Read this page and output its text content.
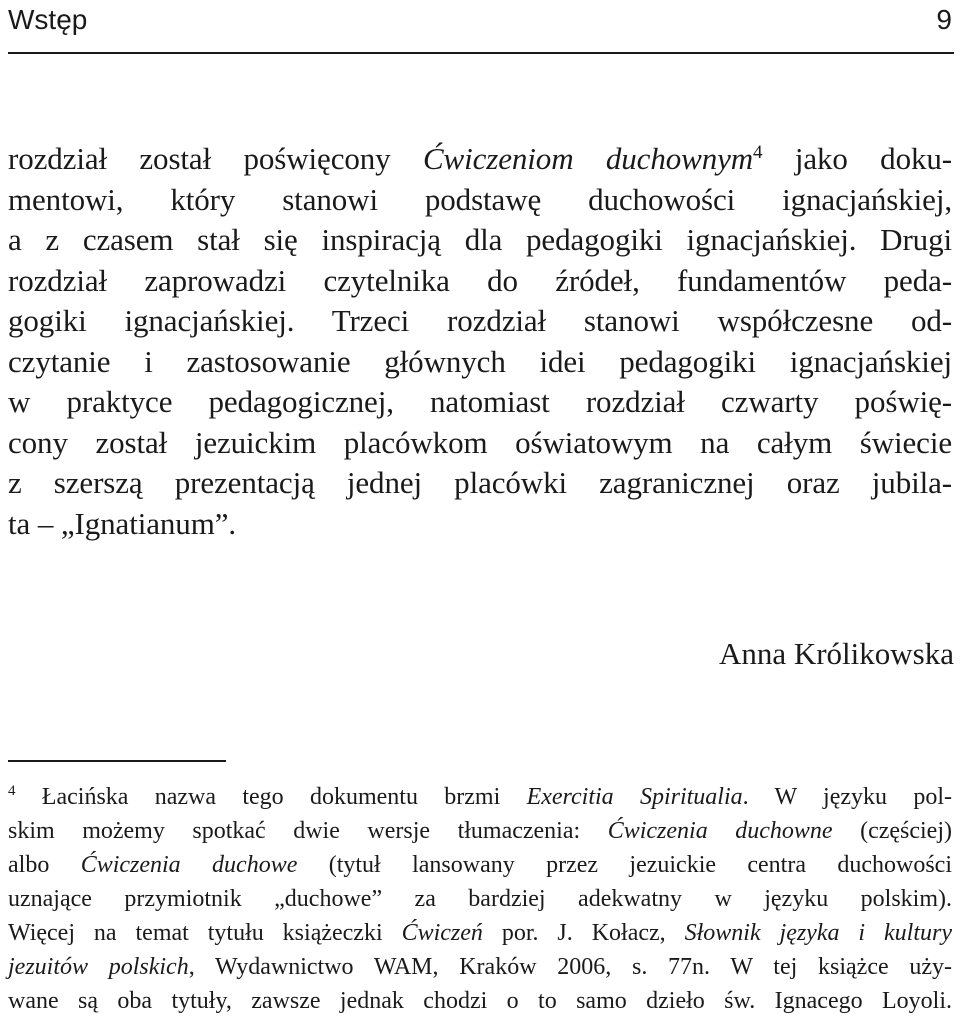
Wstęp	9
rozdział został poświęcony Ćwiczeniom duchownym$^4$ jako doku-
mentowi, który stanowi podstawę duchowości ignacjańskiej,
a z czasem stał się inspiracją dla pedagogiki ignacjańskiej. Drugi
rozdział zaprowadzi czytelnika do źródeł, fundamentów peda-
gogiki ignacjańskiej. Trzeci rozdział stanowi współczesne od-
czytanie i zastosowanie głównych idei pedagogiki ignacjańskiej
w praktyce pedagogicznej, natomiast rozdział czwarty poświę-
cony został jezuickim placówkom oświatowym na całym świecie
z szerszą prezentacją jednej placówki zagranicznej oraz jubila-
ta – „Ignatianum”.
Anna Królikowska
$^4$ Łacińska nazwa tego dokumentu brzmi Exercitia Spiritualia. W języku pol-
skim możemy spotkać dwie wersje tłumaczenia: Ćwiczenia duchowne (częściej)
albo Ćwiczenia duchowe (tytuł lansowany przez jezuickie centra duchowości
uznające przymiotnik „duchowe” za bardziej adekwatny w języku polskim).
Więcej na temat tytułu książeczki Ćwiczeń por. J. Kołacz, Słownik języka i kultury
jezuitów polskich, Wydawnictwo WAM, Kraków 2006, s. 77n. W tej książce uży-
wane są oba tytuły, zawsze jednak chodzi o to samo dzieło św. Ignacego Loyoli.
